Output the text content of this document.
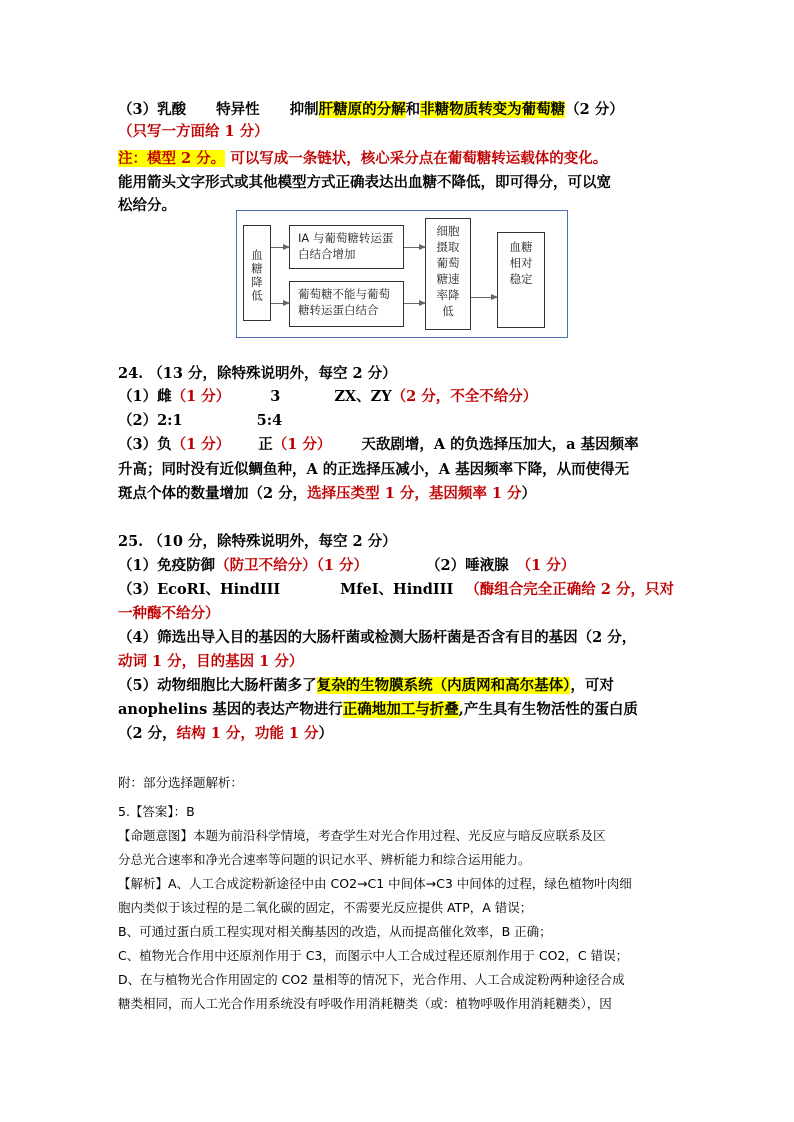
（3）乳酸 特异性 抑制肝糖原的分解和非糖物质转变为葡萄糖（2 分）
（只写一方面给 1 分）
注：模型 2 分。 可以写成一条链状，核心采分点在葡萄糖转运载体的变化。
能用箭头文字形式或其他模型方式正确表达出血糖不降低，即可得分，可以宽
松给分。
血糖降低
IA 与葡萄糖转运蛋白结合增加
葡萄糖不能与葡萄糖转运蛋白结合
细胞摄取葡萄糖速率降低
血糖相对稳定
24. （13 分，除特殊说明外，每空 2 分）
（1）雌（1 分）	3	ZX、ZY（2 分，不全不给分）
（2）2:1	5:4
（3）负（1 分） 正（1 分） 天敌剧增，A 的负选择压加大，a 基因频率
升高；同时没有近似鲷鱼种，A 的正选择压减小，A 基因频率下降，从而使得无
斑点个体的数量增加（2 分，选择压类型 1 分，基因频率 1 分）
25. （10 分，除特殊说明外，每空 2 分）
（1）免疫防御（防卫不给分）（1 分）	（2）唾液腺 （1 分）
（3）EcoRI、HindIII	MfeI、HindIII （酶组合完全正确给 2 分，只对
一种酶不给分）
（4）筛选出导入目的基因的大肠杆菌或检测大肠杆菌是否含有目的基因（2 分，
动词 1 分，目的基因 1 分）
（5）动物细胞比大肠杆菌多了复杂的生物膜系统（内质网和高尔基体），可对
anophelins 基因的表达产物进行正确地加工与折叠,产生具有生物活性的蛋白质
（2 分，结构 1 分，功能 1 分）
附：部分选择题解析：
5.【答案】：B
【命题意图】本题为前沿科学情境，考查学生对光合作用过程、光反应与暗反应联系及区
分总光合速率和净光合速率等问题的识记水平、辨析能力和综合运用能力。
【解析】A、人工合成淀粉新途径中由 CO2→C1 中间体→C3 中间体的过程，绿色植物叶肉细
胞内类似于该过程的是二氧化碳的固定，不需要光反应提供 ATP，A 错误；
B、可通过蛋白质工程实现对相关酶基因的改造，从而提高催化效率，B 正确；
C、植物光合作用中还原剂作用于 C3，而图示中人工合成过程还原剂作用于 CO2，C 错误；
D、在与植物光合作用固定的 CO2 量相等的情况下，光合作用、人工合成淀粉两种途径合成
糖类相同，而人工光合作用系统没有呼吸作用消耗糖类（或：植物呼吸作用消耗糖类），因
